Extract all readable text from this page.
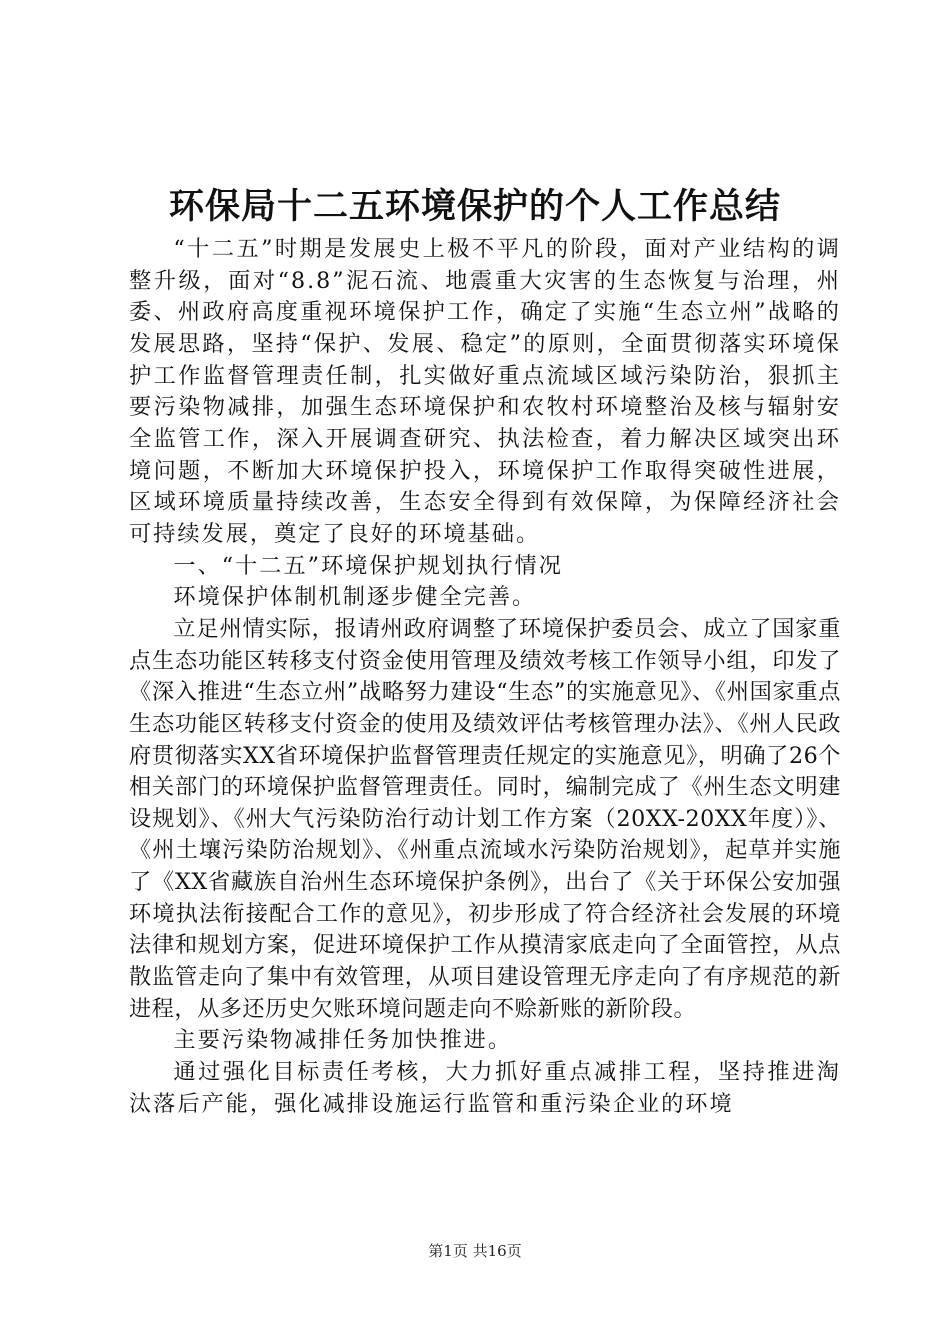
环保局十二五环境保护的个人工作总结

“十二五”时期是发展史上极不平凡的阶段，面对产业结构的调整升级，面对“8.8”泥石流、地震重大灾害的生态恢复与治理，州委、州政府高度重视环境保护工作，确定了实施“生态立州”战略的发展思路，坚持“保护、发展、稳定”的原则，全面贯彻落实环境保护工作监督管理责任制，扎实做好重点流域区域污染防治，狠抓主要污染物减排，加强生态环境保护和农牧村环境整治及核与辐射安全监管工作，深入开展调查研究、执法检查，着力解决区域突出环境问题，不断加大环境保护投入，环境保护工作取得突破性进展，区域环境质量持续改善，生态安全得到有效保障，为保障经济社会可持续发展，奠定了良好的环境基础。

一、“十二五”环境保护规划执行情况

环境保护体制机制逐步健全完善。

立足州情实际，报请州政府调整了环境保护委员会、成立了国家重点生态功能区转移支付资金使用管理及绩效考核工作领导小组，印发了《深入推进“生态立州”战略努力建设“生态”的实施意见》、《州国家重点生态功能区转移支付资金的使用及绩效评估考核管理办法》、《州人民政府贯彻落实XX省环境保护监督管理责任规定的实施意见》，明确了26个相关部门的环境保护监督管理责任。同时，编制完成了《州生态文明建设规划》、《州大气污染防治行动计划工作方案（20XX-20XX年度）》、《州土壤污染防治规划》、《州重点流域水污染防治规划》，起草并实施了《XX省藏族自治州生态环境保护条例》，出台了《关于环保公安加强环境执法衔接配合工作的意见》，初步形成了符合经济社会发展的环境法律和规划方案，促进环境保护工作从摸清家底走向了全面管控，从点散监管走向了集中有效管理，从项目建设管理无序走向了有序规范的新进程，从多还历史欠账环境问题走向不赊新账的新阶段。

主要污染物减排任务加快推进。

通过强化目标责任考核，大力抓好重点减排工程，坚持推进淘汰落后产能，强化减排设施运行监管和重污染企业的环境

第1页 共16页
